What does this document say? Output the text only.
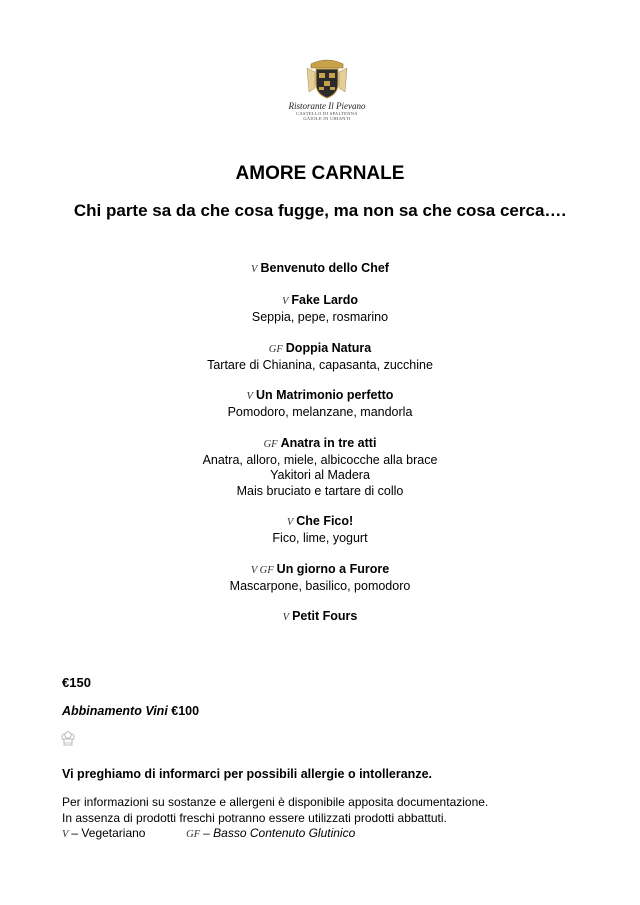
Ristorante Il Pievano
CASTELLO DI SPALTENNA
GAIOLE IN CHIANTI
AMORE CARNALE
Chi parte sa da che cosa fugge, ma non sa che cosa cerca….
V Benvenuto dello Chef
V Fake Lardo
Seppia, pepe, rosmarino
GF Doppia Natura
Tartare di Chianina, capasanta, zucchine
V Un Matrimonio perfetto
Pomodoro, melanzane, mandorla
GF Anatra in tre atti
Anatra, alloro, miele, albicocche alla brace
Yakitori al Madera
Mais bruciato e tartare di collo
V Che Fico!
Fico, lime, yogurt
V GF Un giorno a Furore
Mascarpone, basilico, pomodoro
V Petit Fours
€150
Abbinamento Vini €100
Vi preghiamo di informarci per possibili allergie o intolleranze.
Per informazioni su sostanze e allergeni è disponibile apposita documentazione.
In assenza di prodotti freschi potranno essere utilizzati prodotti abbattuti.
V – Vegetariano	GF – Basso Contenuto Glutinico
